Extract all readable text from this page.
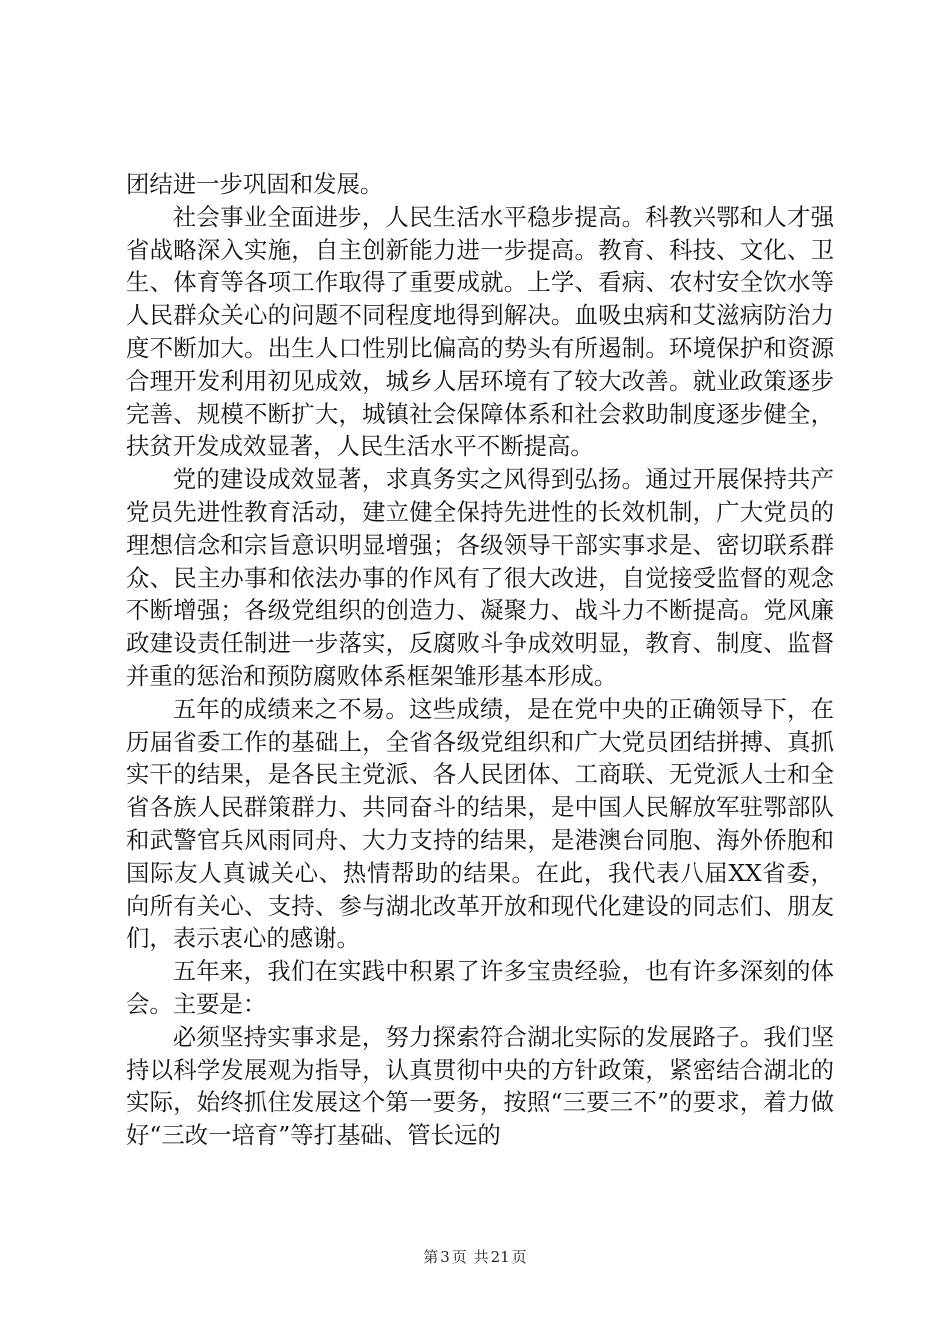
团结进一步巩固和发展。

社会事业全面进步，人民生活水平稳步提高。科教兴鄂和人才强省战略深入实施，自主创新能力进一步提高。教育、科技、文化、卫生、体育等各项工作取得了重要成就。上学、看病、农村安全饮水等人民群众关心的问题不同程度地得到解决。血吸虫病和艾滋病防治力度不断加大。出生人口性别比偏高的势头有所遏制。环境保护和资源合理开发利用初见成效，城乡人居环境有了较大改善。就业政策逐步完善、规模不断扩大，城镇社会保障体系和社会救助制度逐步健全，扶贫开发成效显著，人民生活水平不断提高。

党的建设成效显著，求真务实之风得到弘扬。通过开展保持共产党员先进性教育活动，建立健全保持先进性的长效机制，广大党员的理想信念和宗旨意识明显增强；各级领导干部实事求是、密切联系群众、民主办事和依法办事的作风有了很大改进，自觉接受监督的观念不断增强；各级党组织的创造力、凝聚力、战斗力不断提高。党风廉政建设责任制进一步落实，反腐败斗争成效明显，教育、制度、监督并重的惩治和预防腐败体系框架雏形基本形成。

五年的成绩来之不易。这些成绩，是在党中央的正确领导下，在历届省委工作的基础上，全省各级党组织和广大党员团结拼搏、真抓实干的结果，是各民主党派、各人民团体、工商联、无党派人士和全省各族人民群策群力、共同奋斗的结果，是中国人民解放军驻鄂部队和武警官兵风雨同舟、大力支持的结果，是港澳台同胞、海外侨胞和国际友人真诚关心、热情帮助的结果。在此，我代表八届XX省委，向所有关心、支持、参与湖北改革开放和现代化建设的同志们、朋友们，表示衷心的感谢。

五年来，我们在实践中积累了许多宝贵经验，也有许多深刻的体会。主要是：

必须坚持实事求是，努力探索符合湖北实际的发展路子。我们坚持以科学发展观为指导，认真贯彻中央的方针政策，紧密结合湖北的实际，始终抓住发展这个第一要务，按照“三要三不”的要求，着力做好“三改一培育”等打基础、管长远的

第 3 页 共 21 页
